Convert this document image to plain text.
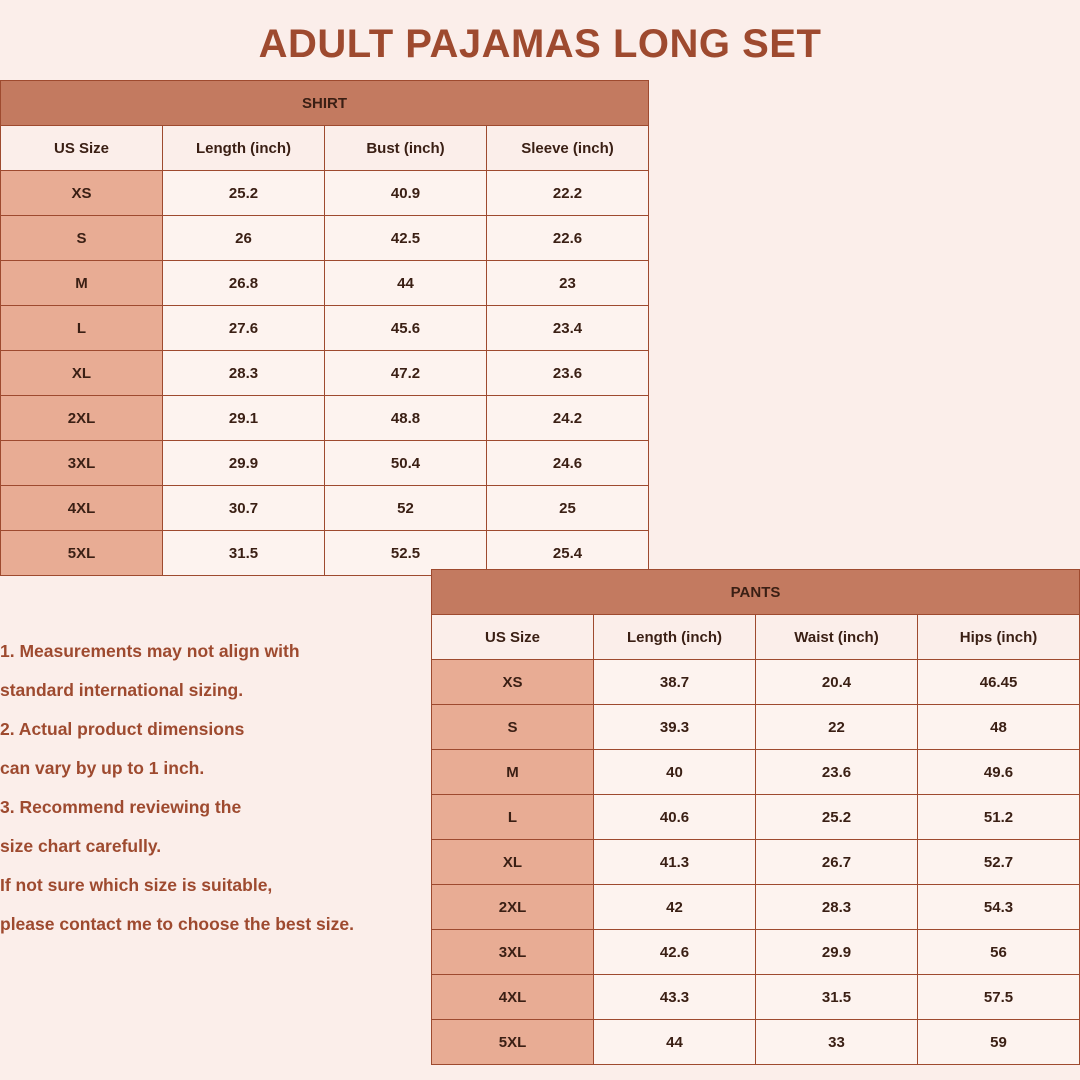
ADULT PAJAMAS LONG SET
SHIRT			
US Size	Length (inch)	Bust (inch)	Sleeve (inch)
XS	25.2	40.9	22.2
S	26	42.5	22.6
M	26.8	44	23
L	27.6	45.6	23.4
XL	28.3	47.2	23.6
2XL	29.1	48.8	24.2
3XL	29.9	50.4	24.6
4XL	30.7	52	25
5XL	31.5	52.5	25.4
PANTS			
US Size	Length (inch)	Waist (inch)	Hips (inch)
XS	38.7	20.4	46.45
S	39.3	22	48
M	40	23.6	49.6
L	40.6	25.2	51.2
XL	41.3	26.7	52.7
2XL	42	28.3	54.3
3XL	42.6	29.9	56
4XL	43.3	31.5	57.5
5XL	44	33	59
1. Measurements may not align with
standard international sizing.
2. Actual product dimensions
can vary by up to 1 inch.
3. Recommend reviewing the
size chart carefully.
If not sure which size is suitable,
please contact me to choose the best size.
